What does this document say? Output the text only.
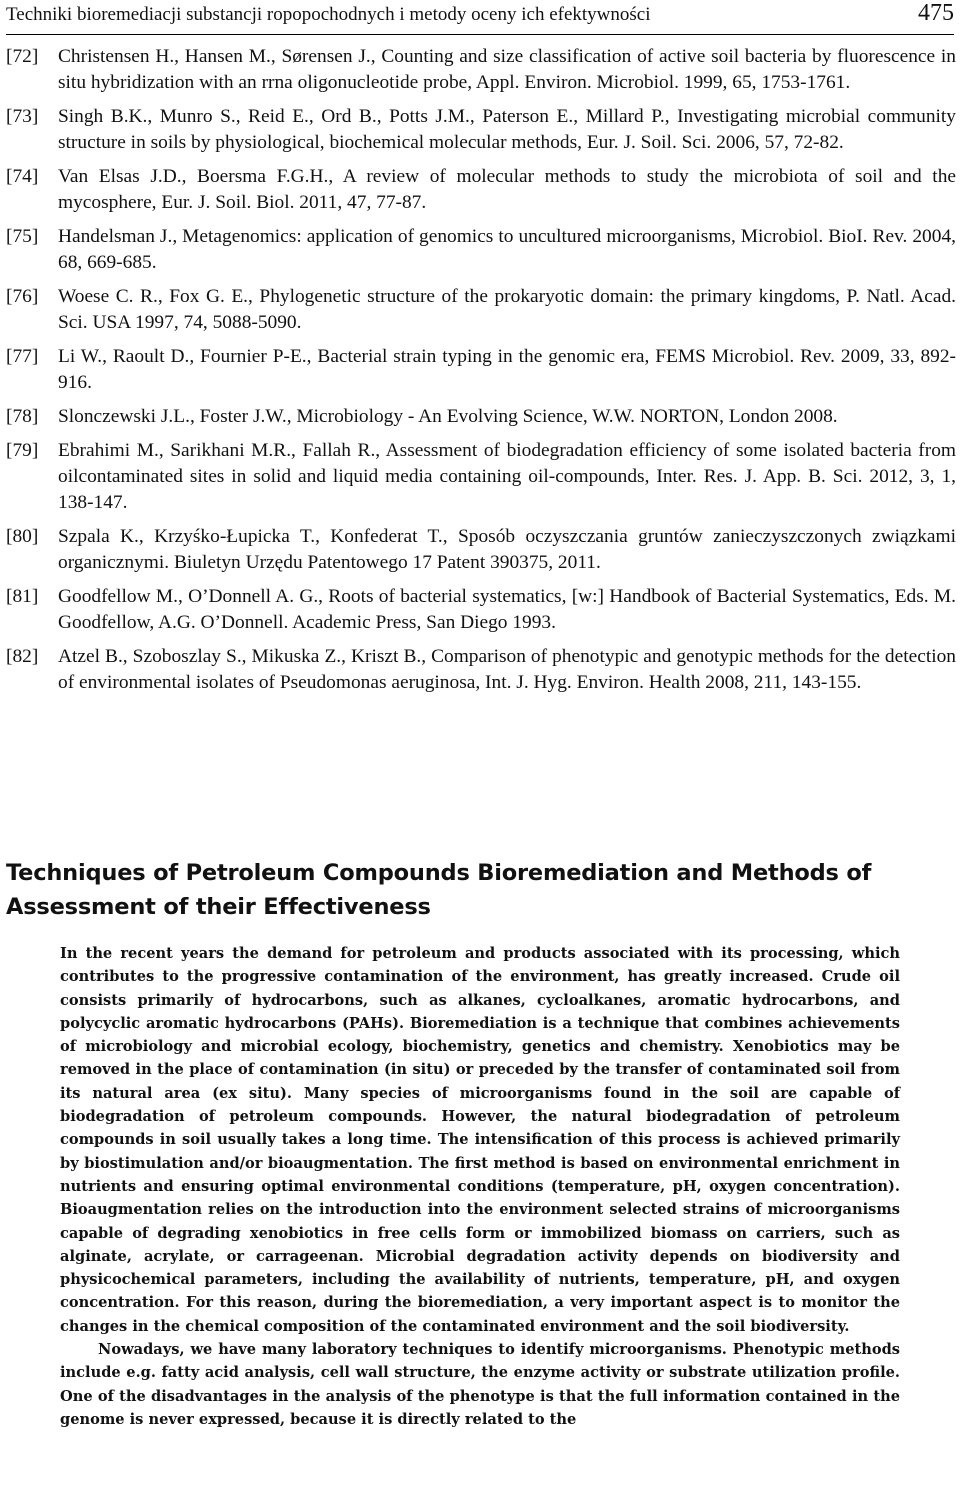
Techniki bioremediacji substancji ropopochodnych i metody oceny ich efektywności	475
[72] Christensen H., Hansen M., Sørensen J., Counting and size classification of active soil bacteria by fluorescence in situ hybridization with an rrna oligonucleotide probe, Appl. Environ. Microbiol. 1999, 65, 1753-1761.
[73] Singh B.K., Munro S., Reid E., Ord B., Potts J.M., Paterson E., Millard P., Investigating microbial community structure in soils by physiological, biochemical molecular methods, Eur. J. Soil. Sci. 2006, 57, 72-82.
[74] Van Elsas J.D., Boersma F.G.H., A review of molecular methods to study the microbiota of soil and the mycosphere, Eur. J. Soil. Biol. 2011, 47, 77-87.
[75] Handelsman J., Metagenomics: application of genomics to uncultured microorganisms, Microbiol. BioI. Rev. 2004, 68, 669-685.
[76] Woese C. R., Fox G. E., Phylogenetic structure of the prokaryotic domain: the primary kingdoms, P. Natl. Acad. Sci. USA 1997, 74, 5088-5090.
[77] Li W., Raoult D., Fournier P-E., Bacterial strain typing in the genomic era, FEMS Microbiol. Rev. 2009, 33, 892-916.
[78] Slonczewski J.L., Foster J.W., Microbiology - An Evolving Science, W.W. NORTON, London 2008.
[79] Ebrahimi M., Sarikhani M.R., Fallah R., Assessment of biodegradation efficiency of some isolated bacteria from oilcontaminated sites in solid and liquid media containing oil-compounds, Inter. Res. J. App. B. Sci. 2012, 3, 1, 138-147.
[80] Szpala K., Krzyśko-Łupicka T., Konfederat T., Sposób oczyszczania gruntów zanieczyszczonych związkami organicznymi. Biuletyn Urzędu Patentowego 17 Patent 390375, 2011.
[81] Goodfellow M., O’Donnell A. G., Roots of bacterial systematics, [w:] Handbook of Bacterial Systematics, Eds. M. Goodfellow, A.G. O’Donnell. Academic Press, San Diego 1993.
[82] Atzel B., Szoboszlay S., Mikuska Z., Kriszt B., Comparison of phenotypic and genotypic methods for the detection of environmental isolates of Pseudomonas aeruginosa, Int. J. Hyg. Environ. Health 2008, 211, 143-155.
Techniques of Petroleum Compounds Bioremediation and Methods of Assessment of their Effectiveness

In the recent years the demand for petroleum and products associated with its processing, which contributes to the progressive contamination of the environment, has greatly increased. Crude oil consists primarily of hydrocarbons, such as alkanes, cycloalkanes, aromatic hydrocarbons, and polycyclic aromatic hydrocarbons (PAHs). Bioremediation is a technique that combines achievements of microbiology and microbial ecology, biochemistry, genetics and chemistry. Xenobiotics may be removed in the place of contamination (in situ) or preceded by the transfer of contaminated soil from its natural area (ex situ). Many species of microorganisms found in the soil are capable of biodegradation of petroleum compounds. However, the natural biodegradation of petroleum compounds in soil usually takes a long time. The intensification of this process is achieved primarily by biostimulation and/or bioaugmentation. The first method is based on environmental enrichment in nutrients and ensuring optimal environmental conditions (temperature, pH, oxygen concentration). Bioaugmentation relies on the introduction into the environment selected strains of microorganisms capable of degrading xenobiotics in free cells form or immobilized biomass on carriers, such as alginate, acrylate, or carrageenan. Microbial degradation activity depends on biodiversity and physicochemical parameters, including the availability of nutrients, temperature, pH, and oxygen concentration. For this reason, during the bioremediation, a very important aspect is to monitor the changes in the chemical composition of the contaminated environment and the soil biodiversity.

Nowadays, we have many laboratory techniques to identify microorganisms. Phenotypic methods include e.g. fatty acid analysis, cell wall structure, the enzyme activity or substrate utilization profile. One of the disadvantages in the analysis of the phenotype is that the full information contained in the genome is never expressed, because it is directly related to the
